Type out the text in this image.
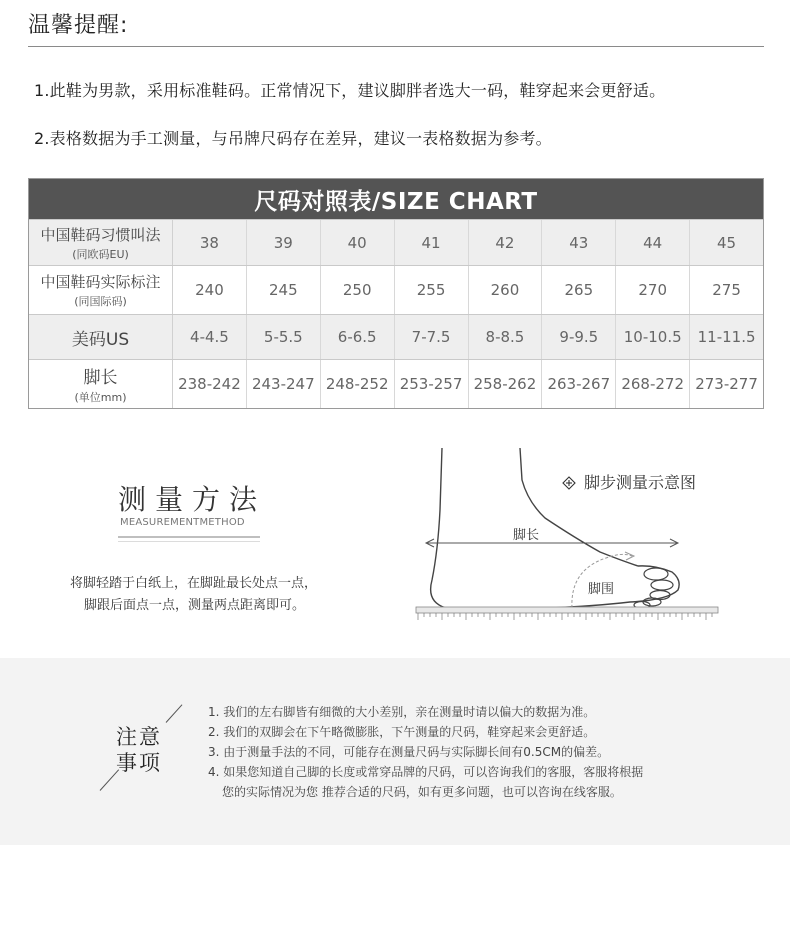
温馨提醒:
1.此鞋为男款，采用标准鞋码。正常情况下，建议脚胖者选大一码，鞋穿起来会更舒适。
2.表格数据为手工测量，与吊牌尺码存在差异，建议一表格数据为参考。
尺码对照表/SIZE CHART
中国鞋码习惯叫法
(同欧码EU)
38	39	40	41	42	43	44	45
中国鞋码实际标注
(同国际码)
240	245	250	255	260	265	270	275
美码US	4-4.5	5-5.5	6-6.5	7-7.5	8-8.5	9-9.5	10-10.5	11-11.5
脚长
(单位mm)
238-242 243-247 248-252 253-257 258-262 263-267 268-272 273-277
测量方法
MEASUREMENTMETHOD
将脚轻踏于白纸上，在脚趾最长处点一点，
脚跟后面点一点，测量两点距离即可。
脚步测量示意图
脚长
脚围
注意
事项
1. 我们的左右脚皆有细微的大小差别，亲在测量时请以偏大的数据为准。
2. 我们的双脚会在下午略微膨胀，下午测量的尺码，鞋穿起来会更舒适。
3. 由于测量手法的不同，可能存在测量尺码与实际脚长间有0.5CM的偏差。
4. 如果您知道自己脚的长度或常穿品牌的尺码，可以咨询我们的客服，客服将根据
您的实际情况为您 推荐合适的尺码，如有更多问题，也可以咨询在线客服。
